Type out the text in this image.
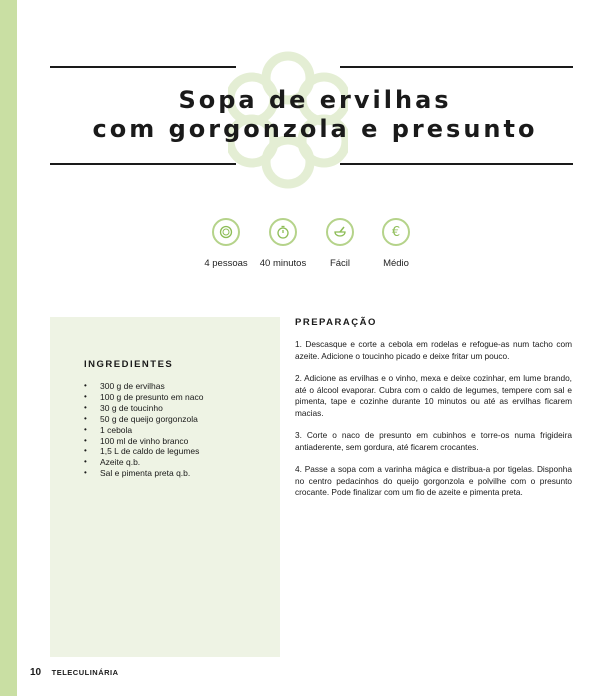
Sopa de ervilhas
com gorgonzola e presunto
4 pessoas	40 minutos	Fácil
€
Médio
INGREDIENTES
• 300 g de ervilhas
• 100 g de presunto em naco
• 30 g de toucinho
• 50 g de queijo gorgonzola
• 1 cebola
• 100 ml de vinho branco
• 1,5 L de caldo de legumes
• Azeite q.b.
• Sal e pimenta preta q.b.
PREPARAÇÃO

1. Descasque e corte a cebola em rodelas e refogue-as num tacho com azeite. Adicione o toucinho picado e deixe fritar um pouco.

2. Adicione as ervilhas e o vinho, mexa e deixe cozinhar, em lume brando, até o álcool evaporar. Cubra com o caldo de legumes, tempere com sal e pimenta, tape e cozinhe durante 10 minutos ou até as ervilhas ficarem macias.

3. Corte o naco de presunto em cubinhos e torre-os numa frigideira antiaderente, sem gordura, até ficarem crocantes.

4. Passe a sopa com a varinha mágica e distribua-a por tigelas. Disponha no centro pedacinhos do queijo gorgonzola e polvilhe com o presunto crocante. Pode finalizar com um fio de azeite e pimenta preta.

10 TELECULINÁRIA
